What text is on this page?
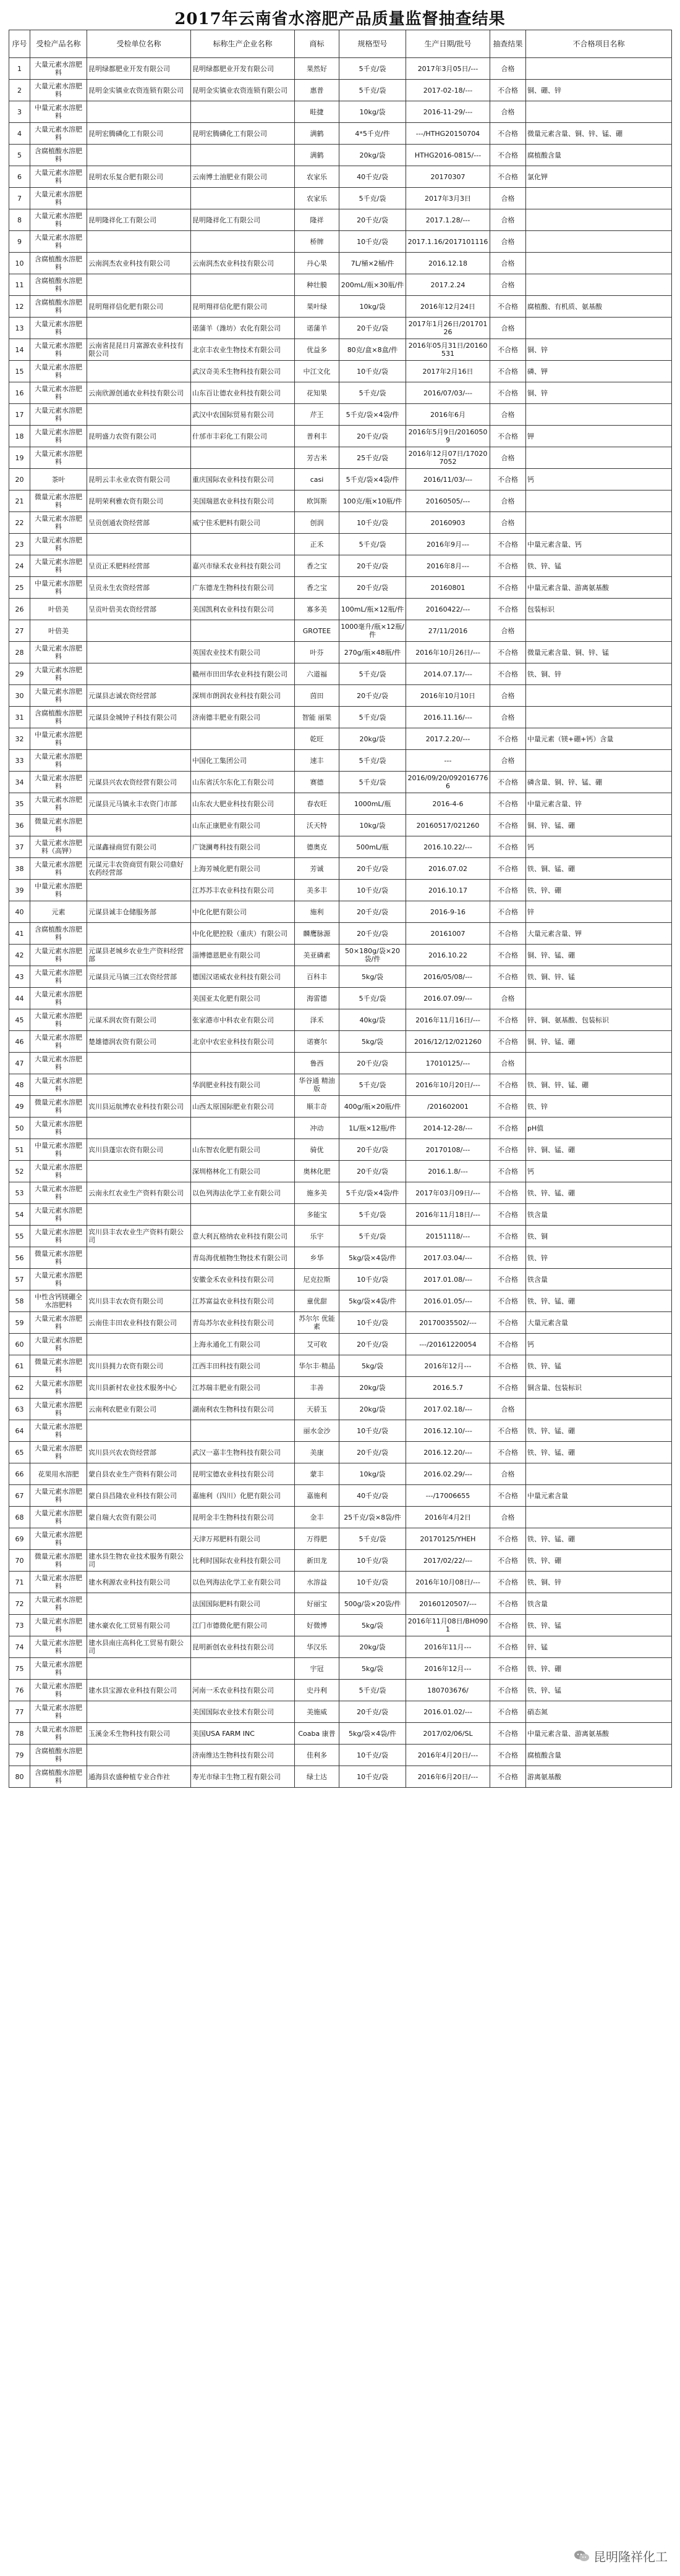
2017年云南省水溶肥产品质量监督抽查结果
序号	受检产品名称	受检单位名称	标称生产企业名称	商标	规格型号	生产日期/批号	抽查结果	不合格项目名称
1	大量元素水溶肥料	昆明绿都肥业开发有限公司	昆明绿都肥业开发有限公司	果然好	5千克/袋	2017年3月05日/---	合格	
2	大量元素水溶肥料	昆明金实镇业农资连锁有限公司	昆明金实镇业农资连锁有限公司	惠普	5千克/袋	2017-02-18/---	不合格	铜、硼、锌
3	中量元素水溶肥料			畦捷	10kg/袋	2016-11-29/---	合格	
4	大量元素水溶肥料	昆明宏腾磷化工有限公司	昆明宏腾磷化工有限公司	满鹤	4*5千克/件	---/HTHG20150704	不合格	微量元素含量、铜、锌、锰、硼
5	含腐植酸水溶肥料			满鹤	20kg/袋	HTHG2016-0815/---	不合格	腐植酸含量
6	大量元素水溶肥料	昆明农乐复合肥有限公司	云南博土油肥业有限公司	农家乐	40千克/袋	20170307	不合格	氯化钾
7	大量元素水溶肥料			农家乐	5千克/袋	2017年3月3日	合格	
8	大量元素水溶肥料	昆明隆祥化工有限公司	昆明隆祥化工有限公司	隆祥	20千克/袋	2017.1.28/---	合格	
9	大量元素水溶肥料			桥牌	10千克/袋	2017.1.16/2017101116	合格	
10	含腐植酸水溶肥料	云南润杰农业科技有限公司	云南润杰农业科技有限公司	丹心果	7L/桶×2桶/件	2016.12.18	合格	
11	含腐植酸水溶肥料			种壮膜	200mL/瓶×30瓶/件	2017.2.24	合格	
12	含腐植酸水溶肥料	昆明翔祥信化肥有限公司	昆明翔祥信化肥有限公司	果叶绿	10kg/袋	2016年12月24日	不合格	腐植酸、有机质、氨基酸
13	大量元素水溶肥料		诺蒲羊（潍坊）农化有限公司	诺蒲羊	20千克/袋	2017年1月26日/20170126	合格	
14	大量元素水溶肥料	云南省昆昆日月富源农业科技有限公司	北京丰农业生物技术有限公司	优益多	80克/盒×8盒/件	2016年05月31日/20160531	不合格	铜、锌
15	大量元素水溶肥料		武汉奇美禾生物科技有限公司	中江文化	10千克/袋	2017年2月16日	不合格	磷、钾
16	大量元素水溶肥料	云南欣源创通农业科技有限公司	山东百让德农业科技有限公司	花知果	5千克/袋	2016/07/03/---	不合格	铜、锌
17	大量元素水溶肥料		武汉中农国际贸易有限公司	芹王	5千克/袋×4袋/件	2016年6月	合格	
18	大量元素水溶肥料	昆明盛力农资有限公司	什邡市丰彩化工有限公司	普利丰	20千克/袋	2016年5月9日/20160509	不合格	钾
19	大量元素水溶肥料			芳古米	25千克/袋	2016年12月07日/170207052	合格	
20	茶叶	昆明云丰永业农资有限公司	重庆国际农业科技有限公司	casi	5千克/袋×4袋/件	2016/11/03/---	不合格	钙
21	微量元素水溶肥料	昆明荣利雅农资有限公司	美国瑞恩农业科技有限公司	欧饵斯	100克/瓶×10瓶/件	20160505/---	合格	
22	大量元素水溶肥料	呈贡创通农资经营部	威宁佳禾肥料有限公司	创润	10千克/袋	20160903	合格	
23	大量元素水溶肥料			正禾	5千克/袋	2016年9月---	不合格	中量元素含量、钙
24	大量元素水溶肥料	呈贡正禾肥料经营部	嘉兴市绿禾农业科技有限公司	香之宝	20千克/袋	2016年8月---	不合格	铁、锌、锰
25	中量元素水溶肥料	呈贡永生农资经营部	广东德龙生物科技有限公司	香之宝	20千克/袋	20160801	不合格	中量元素含量、游离氨基酸
26	叶倍美	呈贡叶倍美农资经营部	美国凯利农业科技有限公司	寡多美	100mL/瓶×12瓶/件	20160422/---	不合格	包装标识
27	叶倍美			GROTEE	1000毫升/瓶×12瓶/件	27/11/2016	合格	
28	大量元素水溶肥料		英国农业技术有限公司	叶芬	270g/瓶×48瓶/件	2016年10月26日/---	不合格	微量元素含量、铜、锌、锰
29	大量元素水溶肥料		赣州市田田华农业科技有限公司	六道福	5千克/袋	2014.07.17/---	不合格	铁、铜、锌
30	大量元素水溶肥料	元谋县志诚农资经营部	深圳市朗润农业科技有限公司	茵田	20千克/袋	2016年10月10日	合格	
31	含腐植酸水溶肥料	元谋县金城钟子科技有限公司	济南德丰肥业有限公司	智能 丽果	5千克/袋	2016.11.16/---	合格	
32	中量元素水溶肥料			乾旺	20kg/袋	2017.2.20/---	不合格	中量元素（镁+硼+钙）含量
33	大量元素水溶肥料		中国化工集团公司	速丰	5千克/袋	---	合格	
34	大量元素水溶肥料	元谋县兴农农资经营有限公司	山东省沃尔东化工有限公司	赛德	5千克/袋	2016/09/20/0920167766	不合格	磷含量、铜、锌、锰、硼
35	大量元素水溶肥料	元谋县元马镇永丰农资门市部	山东农大肥业科技有限公司	春农旺	1000mL/瓶	2016-4-6	不合格	中量元素含量、锌
36	微量元素水溶肥料		山东正康肥业有限公司	沃天特	10kg/袋	20160517/021260	不合格	铜、锌、锰、硼
37	大量元素水溶肥料（高钾）	元谋鑫禄商贸有限公司	广饶澜粤科技有限公司	德奥克	500mL/瓶	2016.10.22/---	不合格	钙
38	大量元素水溶肥料	元谋元丰农资商贸有限公司鼎好农药经营部	上海芳城化肥有限公司	芳诚	20千克/袋	2016.07.02	不合格	铁、铜、锰、硼
39	中量元素水溶肥料		江苏苏丰农业科技有限公司	美多丰	10千克/袋	2016.10.17	不合格	铁、锌、硼
40	元素	元谋县诚丰仓储服务部	中化化肥有限公司	施利	20千克/袋	2016-9-16	不合格	锌
41	含腐植酸水溶肥料		中化化肥控股（重庆）有限公司	麟鹰脉源	20千克/袋	20161007	不合格	大量元素含量、钾
42	大量元素水溶肥料	元谋县老城乡农业生产资料经营部	淄博德恩肥业有限公司	美亚磷素	50×180g/袋×20袋/件	2016.10.22	不合格	铜、锌、锰、硼
43	大量元素水溶肥料	元谋县元马镇三江农资经营部	德国汉诺威农业科技有限公司	百科丰	5kg/袋	2016/05/08/---	不合格	铁、铜、锌、锰
44	大量元素水溶肥料		美国亚太化肥有限公司	海雷德	5千克/袋	2016.07.09/---	合格	
45	大量元素水溶肥料	元谋禾润农资有限公司	张家港市中科农业有限公司	泽禾	40kg/袋	2016年11月16日/---	不合格	锌、铜、氨基酸、包装标识
46	大量元素水溶肥料	楚雄德润农资有限公司	北京中农宏业科技有限公司	诺赛尔	5kg/袋	2016/12/12/021260	不合格	铜、锌、锰、硼
47	大量元素水溶肥料			鲁西	20千克/袋	17010125/---	合格	
48	大量元素水溶肥料		华润肥业科技有限公司	华谷通 精油版	5千克/袋	2016年10月20日/---	不合格	铁、铜、锌、锰、硼
49	微量元素水溶肥料	宾川县运航博农业科技有限公司	山西太原国际肥业有限公司	顺丰奇	400g/瓶×20瓶/件	/201602001	不合格	铁、锌
50	大量元素水溶肥料			冲动	1L/瓶×12瓶/件	2014-12-28/---	不合格	pH值
51	中量元素水溶肥料	宾川县蓬宗农资有限公司	山东智农化肥有限公司	骑优	20千克/袋	20170108/---	不合格	锌、铜、锰、硼
52	大量元素水溶肥料		深圳格林化工有限公司	奥林化肥	20千克/袋	2016.1.8/---	不合格	钙
53	大量元素水溶肥料	云南永红农业生产资料有限公司	以色列海法化学工业有限公司	施多美	5千克/袋×4袋/件	2017年03月09日/---	不合格	铁、锌、锰、硼
54	大量元素水溶肥料			多能宝	5千克/袋	2016年11月18日/---	不合格	铁含量
55	大量元素水溶肥料	宾川县丰农农业生产资料有限公司	意大利瓦格纳农业科技有限公司	乐宇	5千克/袋	20151118/---	不合格	铁、铜
56	微量元素水溶肥料		青岛海优植物生物技术有限公司	乡华	5kg/袋×4袋/件	2017.03.04/---	不合格	铁、锌
57	大量元素水溶肥料		安徽金禾农业科技有限公司	尼克拉斯	10千克/袋	2017.01.08/---	不合格	铁含量
58	中性含钙镁硼全水溶肥料	宾川县丰农农资有限公司	江苏富益农业科技有限公司	童优甜	5kg/袋×4袋/件	2016.01.05/---	不合格	铁、锌、锰、硼
59	大量元素水溶肥料	云南佳丰田农业科技有限公司	青岛苏尔农业科技有限公司	苏尔尔 优能素	10千克/袋	20170035502/---	不合格	大量元素含量
60	大量元素水溶肥料		上海永通化工有限公司	艾可收	20千克/袋	---/20161220054	不合格	钙
61	微量元素水溶肥料	宾川县拥力农资有限公司	江西丰田科技有限公司	华尔丰·精品	5kg/袋	2016年12月---	不合格	铁、锌、锰
62	大量元素水溶肥料	宾川县新村农业技术服务中心	江苏瑞丰肥业有限公司	丰善	20kg/袋	2016.5.7	不合格	铜含量、包装标识
63	大量元素水溶肥料	云南利农肥业有限公司	湖南利农生物科技有限公司	天骄玉	20kg/袋	2017.02.18/---	合格	
64	大量元素水溶肥料			丽水金沙	10千克/袋	2016.12.10/---	不合格	铁、锌、锰、硼
65	大量元素水溶肥料	宾川县兴农农资经营部	武汉一嘉丰生物科技有限公司	美康	20千克/袋	2016.12.20/---	不合格	铁、锌、锰、硼
66	花果用水溶肥	蒙自县农业生产资料有限公司	昆明宝德农业科技有限公司	蒙丰	10kg/袋	2016.02.29/---	合格	
67	大量元素水溶肥料	蒙自县昌隆农业科技有限公司	嘉施利（四川）化肥有限公司	嘉施利	40千克/袋	---/17006655	不合格	中量元素含量
68	大量元素水溶肥料	蒙自瑞大农资有限公司	昆明金丰生物科技有限公司	金丰	25千克/袋×8袋/件	2016年4月2日	合格	
69	大量元素水溶肥料		天津万邦肥料有限公司	万得肥	5千克/袋	20170125/YHEH	不合格	铁、锌、锰、硼
70	微量元素水溶肥料	建水县生物农业技术服务有限公司	比利时国际农业科技有限公司	新田龙	10千克/袋	2017/02/22/---	不合格	铁、锌、硼
71	大量元素水溶肥料	建水利源农业科技有限公司	以色列海法化学工业有限公司	水溶益	10千克/袋	2016年10月08日/---	不合格	铁、铜、锌
72	大量元素水溶肥料		法国国际肥料有限公司	好丽宝	500g/袋×20袋/件	20160120507/---	不合格	铁含量
73	大量元素水溶肥料	建水豪农化工贸易有限公司	江门市德微化肥有限公司	好微博	5kg/袋	2016年11月08日/BH0901	不合格	铁、锌、锰
74	大量元素水溶肥料	建水县南庄高科化工贸易有限公司	昆明新创农业科技有限公司	华汉乐	20kg/袋	2016年11月---	不合格	锌、锰
75	大量元素水溶肥料			宇冠	5kg/袋	2016年12月---	不合格	铁、锌、硼
76	大量元素水溶肥料	建水县宝源农业科技有限公司	河南一禾农业科技有限公司	史丹利	5千克/袋	180703676/	不合格	铁、锌、锰
77	大量元素水溶肥料		美国国际农业技术有限公司	美施威	20千克/袋	2016.01.02/---	不合格	硝态氮
78	大量元素水溶肥料	玉溪金禾生物科技有限公司	美国USA FARM INC	Coaba 康普	5kg/袋×4袋/件	2017/02/06/SL	不合格	中量元素含量、游离氨基酸
79	含腐植酸水溶肥料		济南维达生物科技有限公司	佳利多	10千克/袋	2016年4月20日/---	不合格	腐植酸含量
80	含腐植酸水溶肥料	通海县农盛种植专业合作社	寿光市绿丰生物工程有限公司	绿士达	10千克/袋	2016年6月20日/---	不合格	游离氨基酸
昆明隆祥化工
